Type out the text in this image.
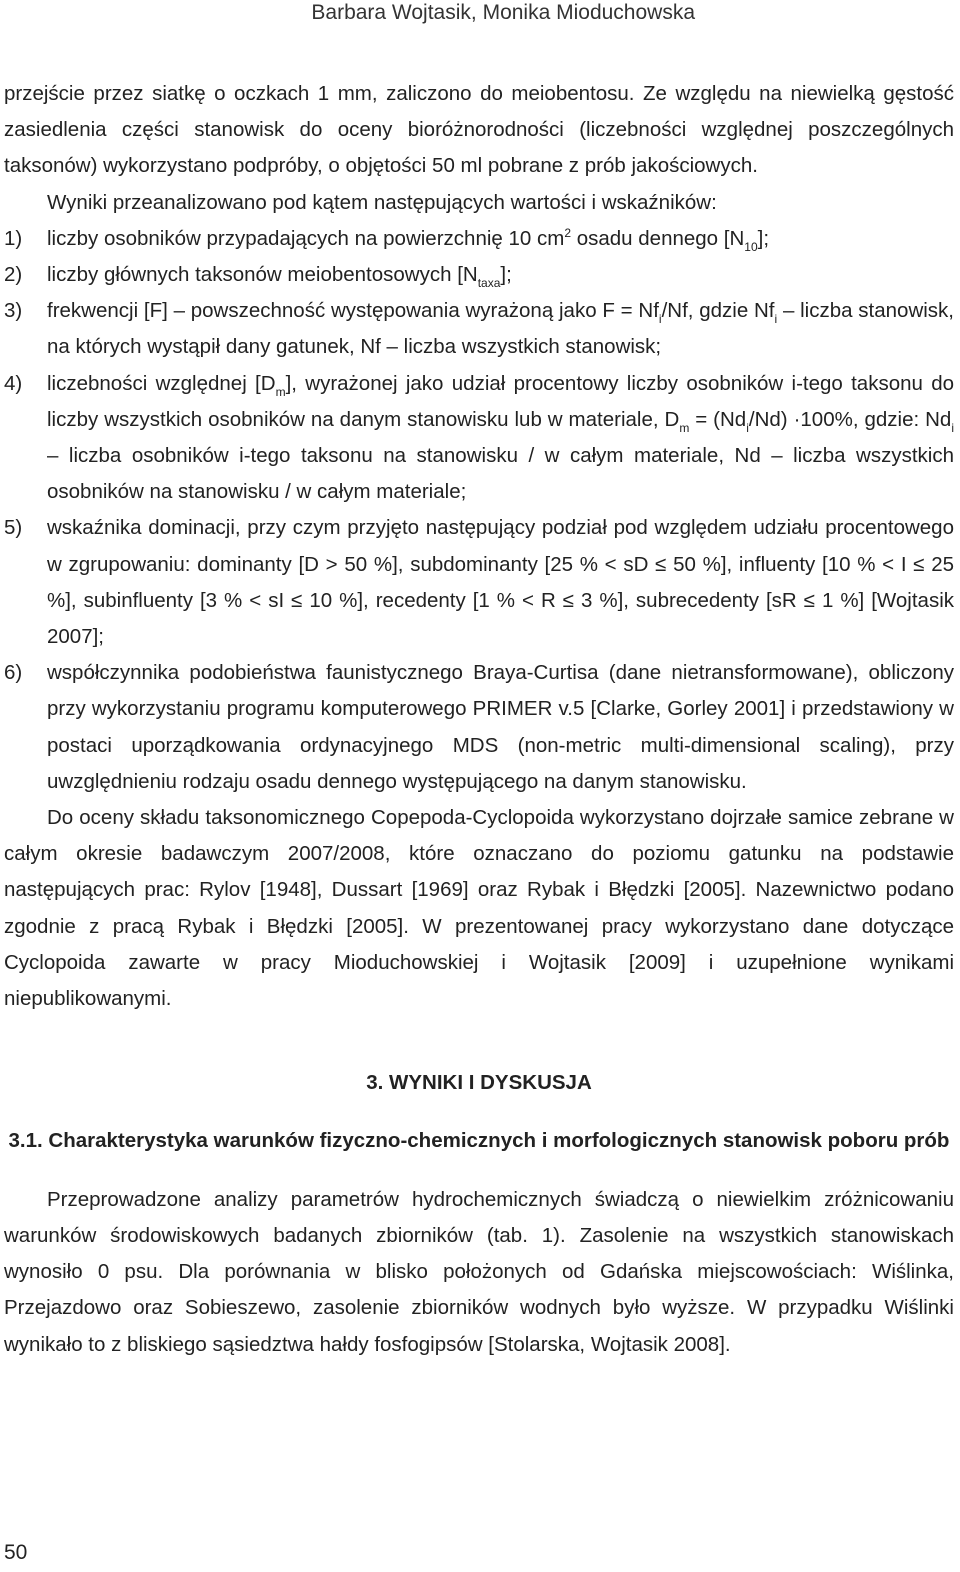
Barbara Wojtasik, Monika Mioduchowska

przejście przez siatkę o oczkach 1 mm, zaliczono do meiobentosu. Ze względu na niewielką gęstość zasiedlenia części stanowisk do oceny bioróżnorodności (liczebności względnej poszczególnych taksonów) wykorzystano podpróby, o objętości 50 ml pobrane z prób jakościowych.

Wyniki przeanalizowano pod kątem następujących wartości i wskaźników:

1) liczby osobników przypadających na powierzchnię 10 $cm^2$ osadu dennego $[N_{10}]$;
2) liczby głównych taksonów meiobentosowych $[N_{taxa}]$;
3) frekwencji [F] – powszechność występowania wyrażoną jako $F = Nf_i/Nf$, gdzie $Nf_i$ – liczba stanowisk, na których wystąpił dany gatunek, Nf – liczba wszystkich stanowisk;
4) liczebności względnej $[D_m]$, wyrażonej jako udział procentowy liczby osobników i-tego taksonu do liczby wszystkich osobników na danym stanowisku lub w materiale, $D_m = (Nd_i/Nd) \cdot 100\%$, gdzie: $Nd_i$ – liczba osobników i-tego taksonu na stanowisku / w całym materiale, Nd – liczba wszystkich osobników na stanowisku / w całym materiale;
5) wskaźnika dominacji, przy czym przyjęto następujący podział pod względem udziału procentowego w zgrupowaniu: dominanty [D > 50 %], subdominanty [25 % < sD ≤ 50 %], influenty [10 % < I ≤ 25 %], subinfluenty [3 % < sI ≤ 10 %], recedenty [1 % < R ≤ 3 %], subrecedenty [sR ≤ 1 %] [Wojtasik 2007];
6) współczynnika podobieństwa faunistycznego Braya-Curtisa (dane nietransformowane), obliczony przy wykorzystaniu programu komputerowego PRIMER v.5 [Clarke, Gorley 2001] i przedstawiony w postaci uporządkowania ordynacyjnego MDS (non-metric multi-dimensional scaling), przy uwzględnieniu rodzaju osadu dennego występującego na danym stanowisku.

Do oceny składu taksonomicznego Copepoda-Cyclopoida wykorzystano dojrzałe samice zebrane w całym okresie badawczym 2007/2008, które oznaczano do poziomu gatunku na podstawie następujących prac: Rylov [1948], Dussart [1969] oraz Rybak i Błędzki [2005]. Nazewnictwo podano zgodnie z pracą Rybak i Błędzki [2005]. W prezentowanej pracy wykorzystano dane dotyczące Cyclopoida zawarte w pracy Mioduchowskiej i Wojtasik [2009] i uzupełnione wynikami niepublikowanymi.

3. WYNIKI I DYSKUSJA

3.1. Charakterystyka warunków fizyczno-chemicznych i morfologicznych stanowisk poboru prób

Przeprowadzone analizy parametrów hydrochemicznych świadczą o niewielkim zróżnicowaniu warunków środowiskowych badanych zbiorników (tab. 1). Zasolenie na wszystkich stanowiskach wynosiło 0 psu. Dla porównania w blisko położonych od Gdańska miejscowościach: Wiślinka, Przejazdowo oraz Sobieszewo, zasolenie zbiorników wodnych było wyższe. W przypadku Wiślinki wynikało to z bliskiego sąsiedztwa hałdy fosfogipsów [Stolarska, Wojtasik 2008].

50
